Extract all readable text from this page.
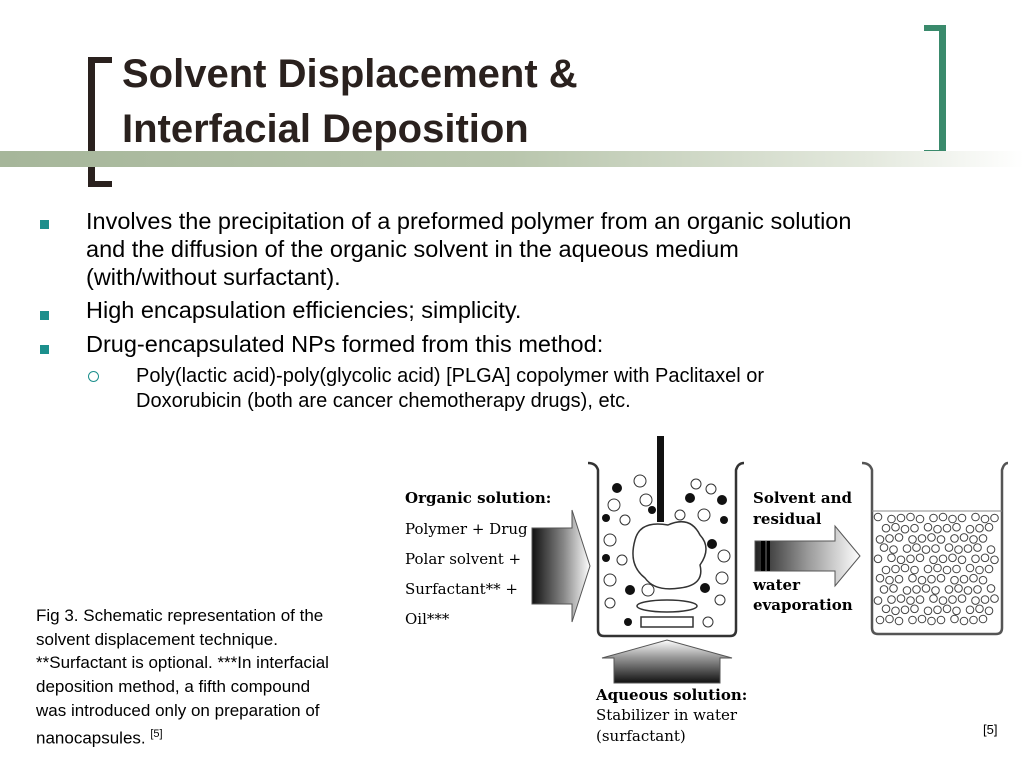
Solvent Displacement &
Interfacial Deposition
Involves the precipitation of a preformed polymer from an organic solution
and the diffusion of the organic solvent in the aqueous medium
(with/without surfactant).
High encapsulation efficiencies; simplicity.
Drug-encapsulated NPs formed from this method:
Poly(lactic acid)-poly(glycolic acid) [PLGA] copolymer with Paclitaxel or
Doxorubicin (both are cancer chemotherapy drugs), etc.
Fig 3. Schematic representation of the
solvent displacement technique.
**Surfactant is optional. ***In interfacial
deposition method, a fifth compound
was introduced only on preparation of
nanocapsules. [5]	[5]
Organic solution:
Polymer + Drug
Polar solvent +
Surfactant** +
Oil***
Aqueous solution:
Stabilizer in water
(surfactant)
Solvent and
residual
water
evaporation
